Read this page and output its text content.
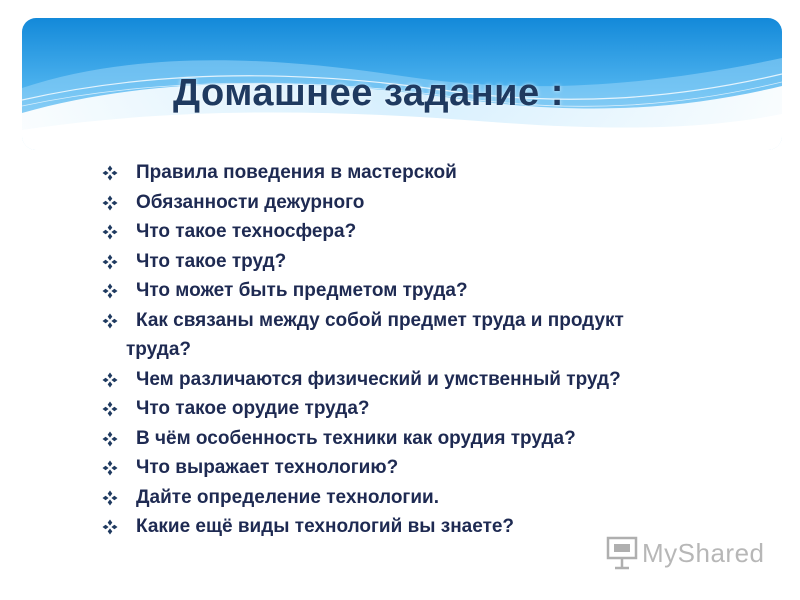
Домашнее задание :
Правила поведения в мастерской
Обязанности дежурного
Что такое техносфера?
Что такое труд?
Что может быть предметом труда?
Как связаны между собой предмет труда и продукт
труда?
Чем различаются физический и умственный труд?
Что такое орудие труда?
В чём особенность техники как орудия труда?
Что выражает технологию?
Дайте определение технологии.
Какие ещё виды технологий вы знаете?
MyShared
